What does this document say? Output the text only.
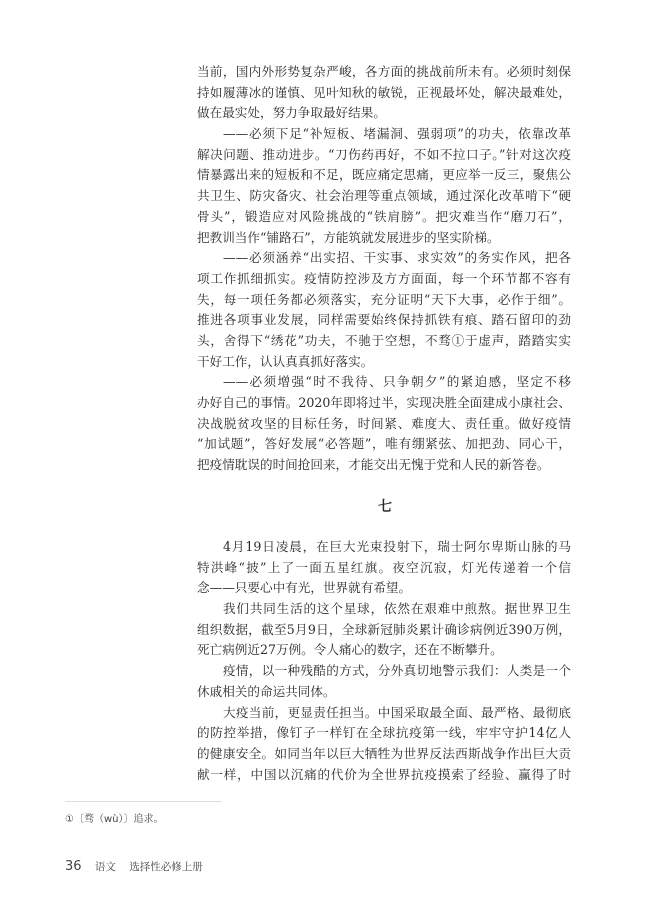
当前，国内外形势复杂严峻，各方面的挑战前所未有。必须时刻保
持如履薄冰的谨慎、见叶知秋的敏锐，正视最坏处，解决最难处，
做在最实处，努力争取最好结果。
——必须下足“补短板、堵漏洞、强弱项”的功夫，依靠改革
解决问题、推动进步。“刀伤药再好，不如不拉口子。”针对这次疫
情暴露出来的短板和不足，既应痛定思痛，更应举一反三，聚焦公
共卫生、防灾备灾、社会治理等重点领域，通过深化改革啃下“硬
骨头”，锻造应对风险挑战的“铁肩膀”。把灾难当作“磨刀石”，
把教训当作“铺路石”，方能筑就发展进步的坚实阶梯。
——必须涵养“出实招、干实事、求实效”的务实作风，把各
项工作抓细抓实。疫情防控涉及方方面面，每一个环节都不容有
失，每一项任务都必须落实，充分证明“天下大事，必作于细”。
推进各项事业发展，同样需要始终保持抓铁有痕、踏石留印的劲
头，舍得下“绣花”功夫，不驰于空想，不骛①于虚声，踏踏实实
干好工作，认认真真抓好落实。
——必须增强“时不我待、只争朝夕”的紧迫感，坚定不移
办好自己的事情。2020年即将过半，实现决胜全面建成小康社会、
决战脱贫攻坚的目标任务，时间紧、难度大、责任重。做好疫情
“加试题”，答好发展“必答题”，唯有绷紧弦、加把劲、同心干，
把疫情耽误的时间抢回来，才能交出无愧于党和人民的新答卷。
七
4月19日凌晨，在巨大光束投射下，瑞士阿尔卑斯山脉的马
特洪峰“披”上了一面五星红旗。夜空沉寂，灯光传递着一个信
念——只要心中有光，世界就有希望。
我们共同生活的这个星球，依然在艰难中煎熬。据世界卫生
组织数据，截至5月9日，全球新冠肺炎累计确诊病例近390万例，
死亡病例近27万例。令人痛心的数字，还在不断攀升。
疫情，以一种残酷的方式，分外真切地警示我们：人类是一个
休戚相关的命运共同体。
大疫当前，更显责任担当。中国采取最全面、最严格、最彻底
的防控举措，像钉子一样钉在全球抗疫第一线，牢牢守护14亿人
的健康安全。如同当年以巨大牺牲为世界反法西斯战争作出巨大贡
献一样，中国以沉痛的代价为全世界抗疫摸索了经验、赢得了时
①〔骛（wù）〕追求。
36 语文 选择性必修上册
